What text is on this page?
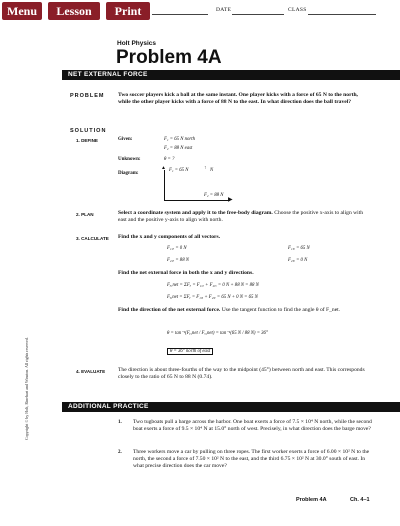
Menu	Lesson	Print	DATE	CLASS
Holt Physics
Problem 4A
NET EXTERNAL FORCE
PROBLEM Two soccer players kick a ball at the same instant. One player kicks with a force of 65 N to the north, while the other player kicks with a force of 88 N to the east. In what direction does the ball travel?
SOLUTION
1. DEFINE	Given:	F₁ = 65 N north
F₂ = 88 N east
Unknown:	θ = ?
Diagram:
▲
▶
F₁ = 65 N	↑ N
F₂ = 88 N
2. PLAN	Select a coordinate system and apply it to the free-body diagram. Choose the positive x-axis to align with east and the positive y-axis to align with north.
3. CALCULATE Find the x and y components of all vectors.
F₁,ₓ = 0 N	F₁,ᵧ = 65 N
F₂,ₓ = 88 N	F₂,ᵧ = 0 N
Find the net external force in both the x and y directions.
Fₓ,net = ΣFₓ = F₁,ₓ + F₂,ₓ = 0 N + 88 N = 88 N
Fᵧ,net = ΣFᵧ = F₁,ᵧ + F₂,ᵧ = 65 N + 0 N = 65 N
Find the direction of the net external force. Use the tangent function to find the angle θ of F_net.
θ = tan⁻¹(Fᵧ,net / Fₓ,net) = tan⁻¹(65 N / 88 N) = 36°
θ = 36° north of east
4. EVALUATE The direction is about three-fourths of the way to the midpoint (45°) between north and east. This corresponds closely to the ratio of 65 N to 88 N (0.74).
ADDITIONAL PRACTICE
1. Two tugboats pull a barge across the harbor. One boat exerts a force of 7.5 × 10⁴ N north, while the second boat exerts a force of 9.5 × 10⁴ N at 15.0° north of west. Precisely, in what direction does the barge move?
2. Three workers move a car by pulling on three ropes. The first worker exerts a force of 6.00 × 10² N to the north, the second a force of 7.50 × 10² N to the east, and the third 6.75 × 10² N at 30.0° south of east. In what precise direction does the car move?
Copyright © by Holt, Rinehart and Winston. All rights reserved.
Problem 4A	Ch. 4–1
